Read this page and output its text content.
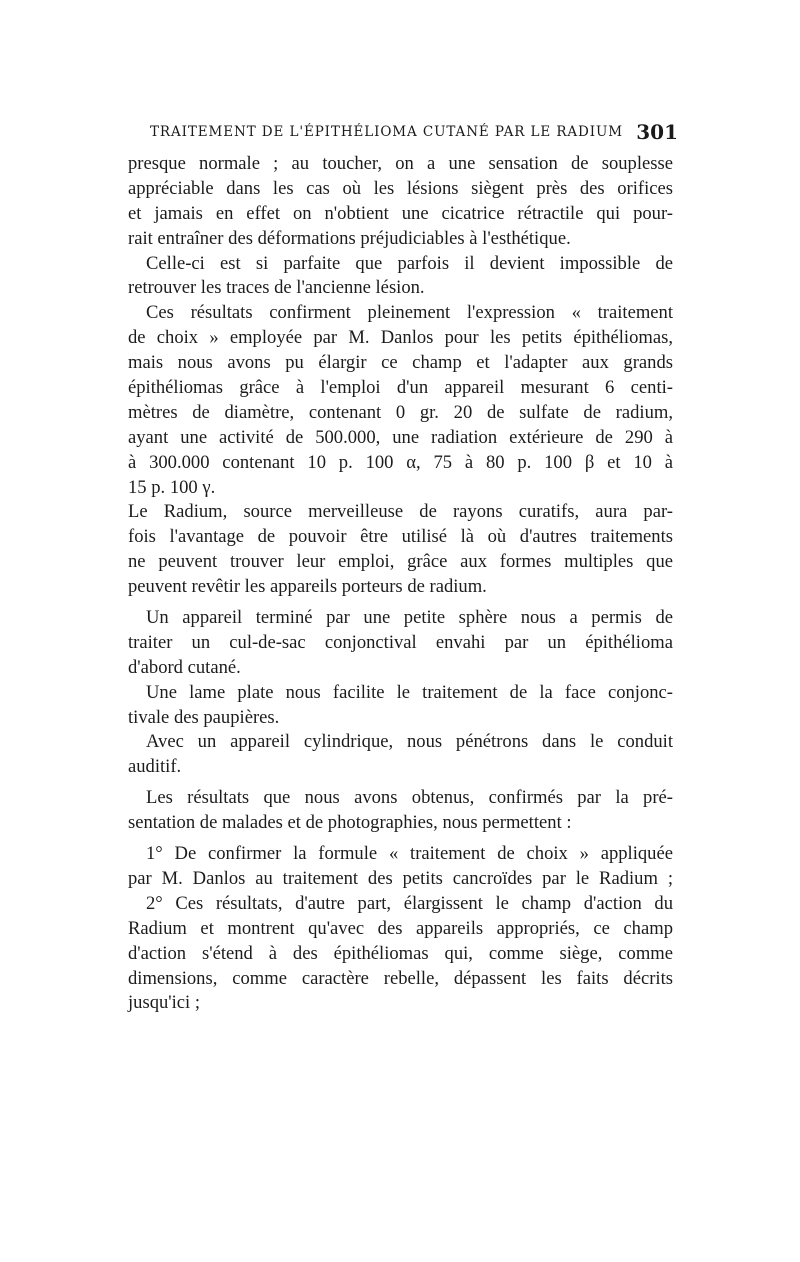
TRAITEMENT DE L'ÉPITHÉLIOMA CUTANÉ PAR LE RADIUM 301
presque normale ; au toucher, on a une sensation de souplesse
appréciable dans les cas où les lésions siègent près des orifices
et jamais en effet on n'obtient une cicatrice rétractile qui pour-
rait entraîner des déformations préjudiciables à l'esthétique.
Celle-ci est si parfaite que parfois il devient impossible de
retrouver les traces de l'ancienne lésion.
Ces résultats confirment pleinement l'expression « traitement
de choix » employée par M. Danlos pour les petits épithéliomas,
mais nous avons pu élargir ce champ et l'adapter aux grands
épithéliomas grâce à l'emploi d'un appareil mesurant 6 centi-
mètres de diamètre, contenant 0 gr. 20 de sulfate de radium,
ayant une activité de 500.000, une radiation extérieure de 290 à
à 300.000 contenant 10 p. 100 α, 75 à 80 p. 100 β et 10 à
15 p. 100 γ.
Le Radium, source merveilleuse de rayons curatifs, aura par-
fois l'avantage de pouvoir être utilisé là où d'autres traitements
ne peuvent trouver leur emploi, grâce aux formes multiples que
peuvent revêtir les appareils porteurs de radium.
Un appareil terminé par une petite sphère nous a permis de
traiter un cul-de-sac conjonctival envahi par un épithélioma
d'abord cutané.
Une lame plate nous facilite le traitement de la face conjonc-
tivale des paupières.
Avec un appareil cylindrique, nous pénétrons dans le conduit
auditif.
Les résultats que nous avons obtenus, confirmés par la pré-
sentation de malades et de photographies, nous permettent :
1° De confirmer la formule « traitement de choix » appliquée
par M. Danlos au traitement des petits cancroïdes par le Radium ;
2° Ces résultats, d'autre part, élargissent le champ d'action du
Radium et montrent qu'avec des appareils appropriés, ce champ
d'action s'étend à des épithéliomas qui, comme siège, comme
dimensions, comme caractère rebelle, dépassent les faits décrits
jusqu'ici ;
